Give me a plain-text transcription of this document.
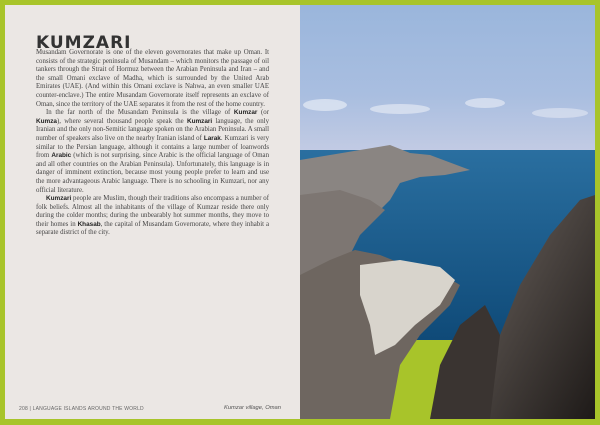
KUMZARI

Musandam Governorate is one of the eleven governorates that make up Oman. It consists of the strategic peninsula of Musandam – which monitors the passage of oil tankers through the Strait of Hormuz between the Arabian Peninsula and Iran – and the small Omani exclave of Madha, which is surrounded by the United Arab Emirates (UAE). (And within this Omani exclave is Nahwa, an even smaller UAE counter-enclave.) The entire Musandam Governorate itself represents an exclave of Oman, since the territory of the UAE separates it from the rest of the home country.

In the far north of the Musandam Peninsula is the village of Kumzar (or Kumza), where several thousand people speak the Kumzari language, the only Iranian and the only non-Semitic language spoken on the Arabian Peninsula. A small number of speakers also live on the nearby Iranian island of Larak. Kumzari is very similar to the Persian language, although it contains a large number of loanwords from Arabic (which is not surprising, since Arabic is the official language of Oman and all other countries on the Arabian Peninsula). Unfortunately, this language is in danger of imminent extinction, because most young people prefer to learn and use the more advantageous Arabic language. There is no schooling in Kumzari, nor any official literature.

Kumzari people are Muslim, though their traditions also encompass a number of folk beliefs. Almost all the inhabitants of the village of Kumzar reside there only during the colder months; during the unbearably hot summer months, they move to their homes in Khasab, the capital of Musandam Governorate, where they inhabit a separate district of the city.

208 | LANGUAGE ISLANDS AROUND THE WORLD	Kumzar village, Oman
